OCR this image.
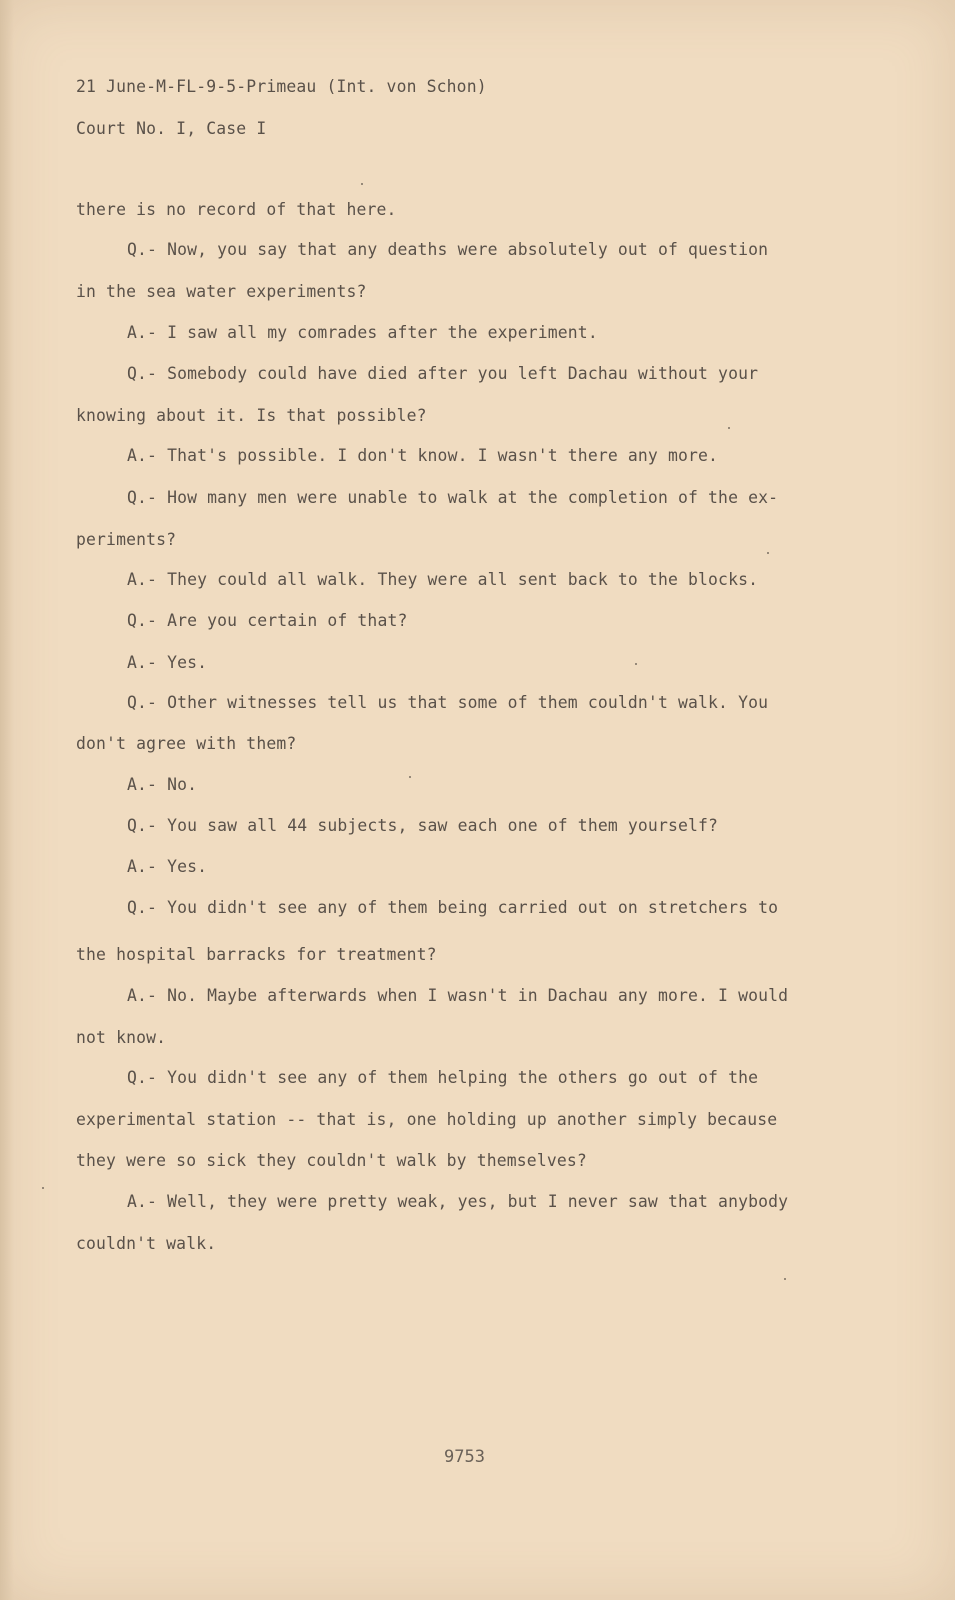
21 June-M-FL-9-5-Primeau (Int. von Schon)

Court No. I, Case I

there is no record of that here.

Q.- Now, you say that any deaths were absolutely out of question

in the sea water experiments?

A.- I saw all my comrades after the experiment.

Q.- Somebody could have died after you left Dachau without your

knowing about it. Is that possible?

A.- That's possible. I don't know. I wasn't there any more.

Q.- How many men were unable to walk at the completion of the ex-

periments?

A.- They could all walk. They were all sent back to the blocks.

Q.- Are you certain of that?

A.- Yes.

Q.- Other witnesses tell us that some of them couldn't walk. You

don't agree with them?

A.- No.

Q.- You saw all 44 subjects, saw each one of them yourself?

A.- Yes.

Q.- You didn't see any of them being carried out on stretchers to

the hospital barracks for treatment?

A.- No. Maybe afterwards when I wasn't in Dachau any more. I would

not know.

Q.- You didn't see any of them helping the others go out of the

experimental station -- that is, one holding up another simply because

they were so sick they couldn't walk by themselves?

A.- Well, they were pretty weak, yes, but I never saw that anybody

couldn't walk.

9753
